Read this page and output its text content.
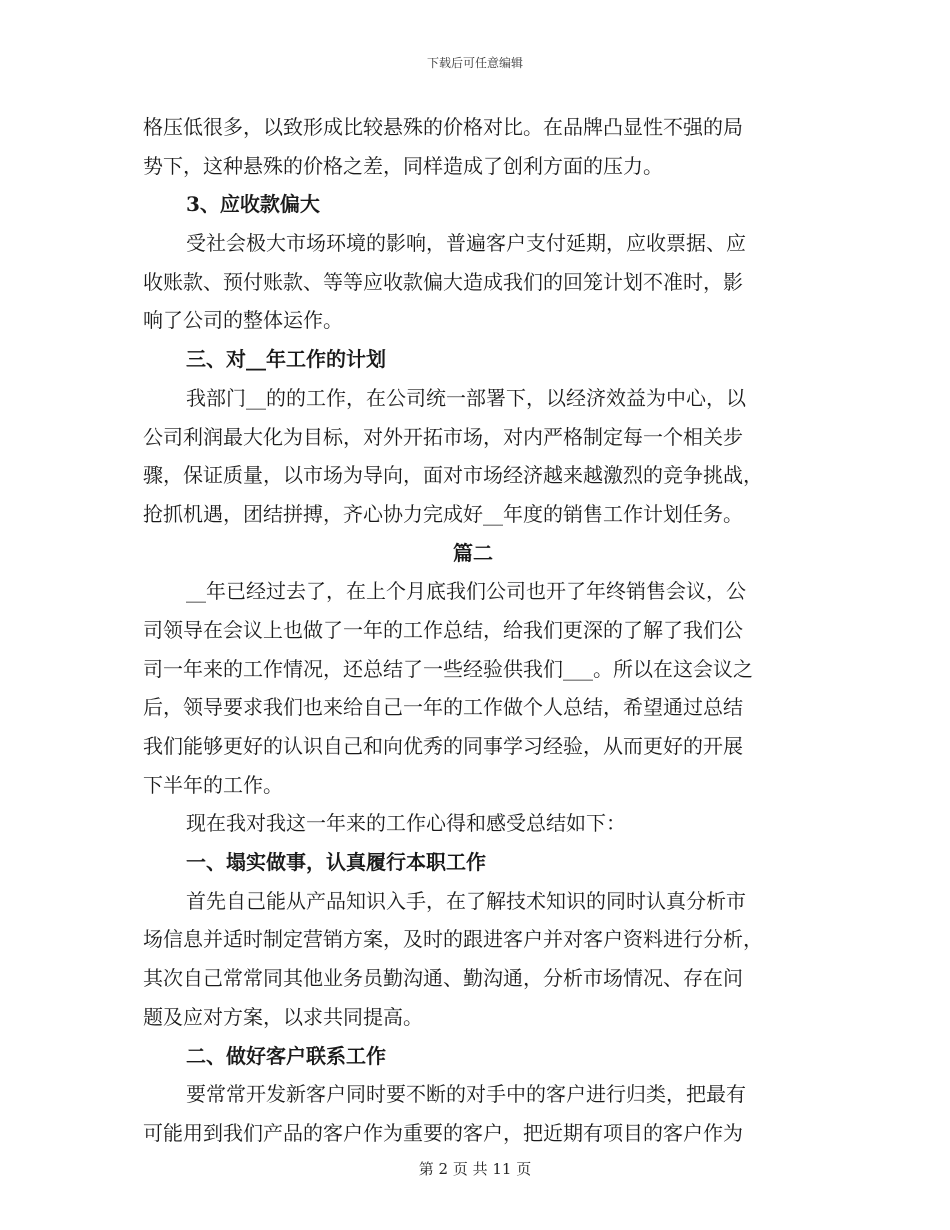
下载后可任意编辑
格压低很多，以致形成比较悬殊的价格对比。在品牌凸显性不强的局
势下，这种悬殊的价格之差，同样造成了创利方面的压力。
3、应收款偏大
受社会极大市场环境的影响，普遍客户支付延期，应收票据、应
收账款、预付账款、等等应收款偏大造成我们的回笼计划不准时，影
响了公司的整体运作。
三、对__年工作的计划
我部门__的的工作，在公司统一部署下，以经济效益为中心，以
公司利润最大化为目标，对外开拓市场，对内严格制定每一个相关步
骤，保证质量，以市场为导向，面对市场经济越来越激烈的竞争挑战，
抢抓机遇，团结拼搏，齐心协力完成好__年度的销售工作计划任务。
篇二
__年已经过去了，在上个月底我们公司也开了年终销售会议，公
司领导在会议上也做了一年的工作总结，给我们更深的了解了我们公
司一年来的工作情况，还总结了一些经验供我们___。所以在这会议之
后，领导要求我们也来给自己一年的工作做个人总结，希望通过总结
我们能够更好的认识自己和向优秀的同事学习经验，从而更好的开展
下半年的工作。
现在我对我这一年来的工作心得和感受总结如下：
一、塌实做事，认真履行本职工作
首先自己能从产品知识入手，在了解技术知识的同时认真分析市
场信息并适时制定营销方案，及时的跟进客户并对客户资料进行分析，
其次自己常常同其他业务员勤沟通、勤沟通，分析市场情况、存在问
题及应对方案，以求共同提高。
二、做好客户联系工作
要常常开发新客户同时要不断的对手中的客户进行归类，把最有
可能用到我们产品的客户作为重要的客户，把近期有项目的客户作为
第 2 页 共 11 页
